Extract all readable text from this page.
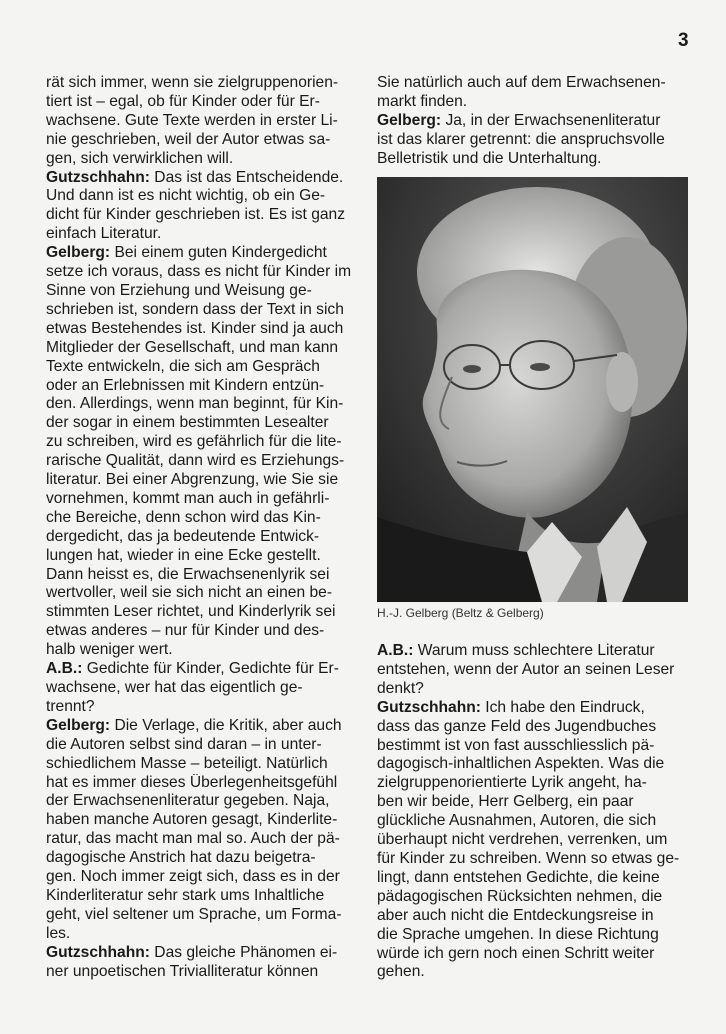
3
rät sich immer, wenn sie zielgruppenorien-
tiert ist – egal, ob für Kinder oder für Er-
wachsene. Gute Texte werden in erster Li-
nie geschrieben, weil der Autor etwas sa-
gen, sich verwirklichen will.
Gutzschhahn: Das ist das Entscheidende.
Und dann ist es nicht wichtig, ob ein Ge-
dicht für Kinder geschrieben ist. Es ist ganz
einfach Literatur.
Gelberg: Bei einem guten Kindergedicht
setze ich voraus, dass es nicht für Kinder im
Sinne von Erziehung und Weisung ge-
schrieben ist, sondern dass der Text in sich
etwas Bestehendes ist. Kinder sind ja auch
Mitglieder der Gesellschaft, und man kann
Texte entwickeln, die sich am Gespräch
oder an Erlebnissen mit Kindern entzün-
den. Allerdings, wenn man beginnt, für Kin-
der sogar in einem bestimmten Lesealter
zu schreiben, wird es gefährlich für die lite-
rarische Qualität, dann wird es Erziehungs-
literatur. Bei einer Abgrenzung, wie Sie sie
vornehmen, kommt man auch in gefährli-
che Bereiche, denn schon wird das Kin-
dergedicht, das ja bedeutende Entwick-
lungen hat, wieder in eine Ecke gestellt.
Dann heisst es, die Erwachsenenlyrik sei
wertvoller, weil sie sich nicht an einen be-
stimmten Leser richtet, und Kinderlyrik sei
etwas anderes – nur für Kinder und des-
halb weniger wert.
A.B.: Gedichte für Kinder, Gedichte für Er-
wachsene, wer hat das eigentlich ge-
trennt?
Gelberg: Die Verlage, die Kritik, aber auch
die Autoren selbst sind daran – in unter-
schiedlichem Masse – beteiligt. Natürlich
hat es immer dieses Überlegenheitsgefühl
der Erwachsenenliteratur gegeben. Naja,
haben manche Autoren gesagt, Kinderlite-
ratur, das macht man mal so. Auch der pä-
dagogische Anstrich hat dazu beigetra-
gen. Noch immer zeigt sich, dass es in der
Kinderliteratur sehr stark ums Inhaltliche
geht, viel seltener um Sprache, um Forma-
les.
Gutzschhahn: Das gleiche Phänomen ei-
ner unpoetischen Trivialliteratur können
Sie natürlich auch auf dem Erwachsenen-
markt finden.
Gelberg: Ja, in der Erwachsenenliteratur
ist das klarer getrennt: die anspruchsvolle
Belletristik und die Unterhaltung.
H.-J. Gelberg (Beltz & Gelberg)
A.B.: Warum muss schlechtere Literatur
entstehen, wenn der Autor an seinen Leser
denkt?
Gutzschhahn: Ich habe den Eindruck,
dass das ganze Feld des Jugendbuches
bestimmt ist von fast ausschliesslich pä-
dagogisch-inhaltlichen Aspekten. Was die
zielgruppenorientierte Lyrik angeht, ha-
ben wir beide, Herr Gelberg, ein paar
glückliche Ausnahmen, Autoren, die sich
überhaupt nicht verdrehen, verrenken, um
für Kinder zu schreiben. Wenn so etwas ge-
lingt, dann entstehen Gedichte, die keine
pädagogischen Rücksichten nehmen, die
aber auch nicht die Entdeckungsreise in
die Sprache umgehen. In diese Richtung
würde ich gern noch einen Schritt weiter
gehen.
